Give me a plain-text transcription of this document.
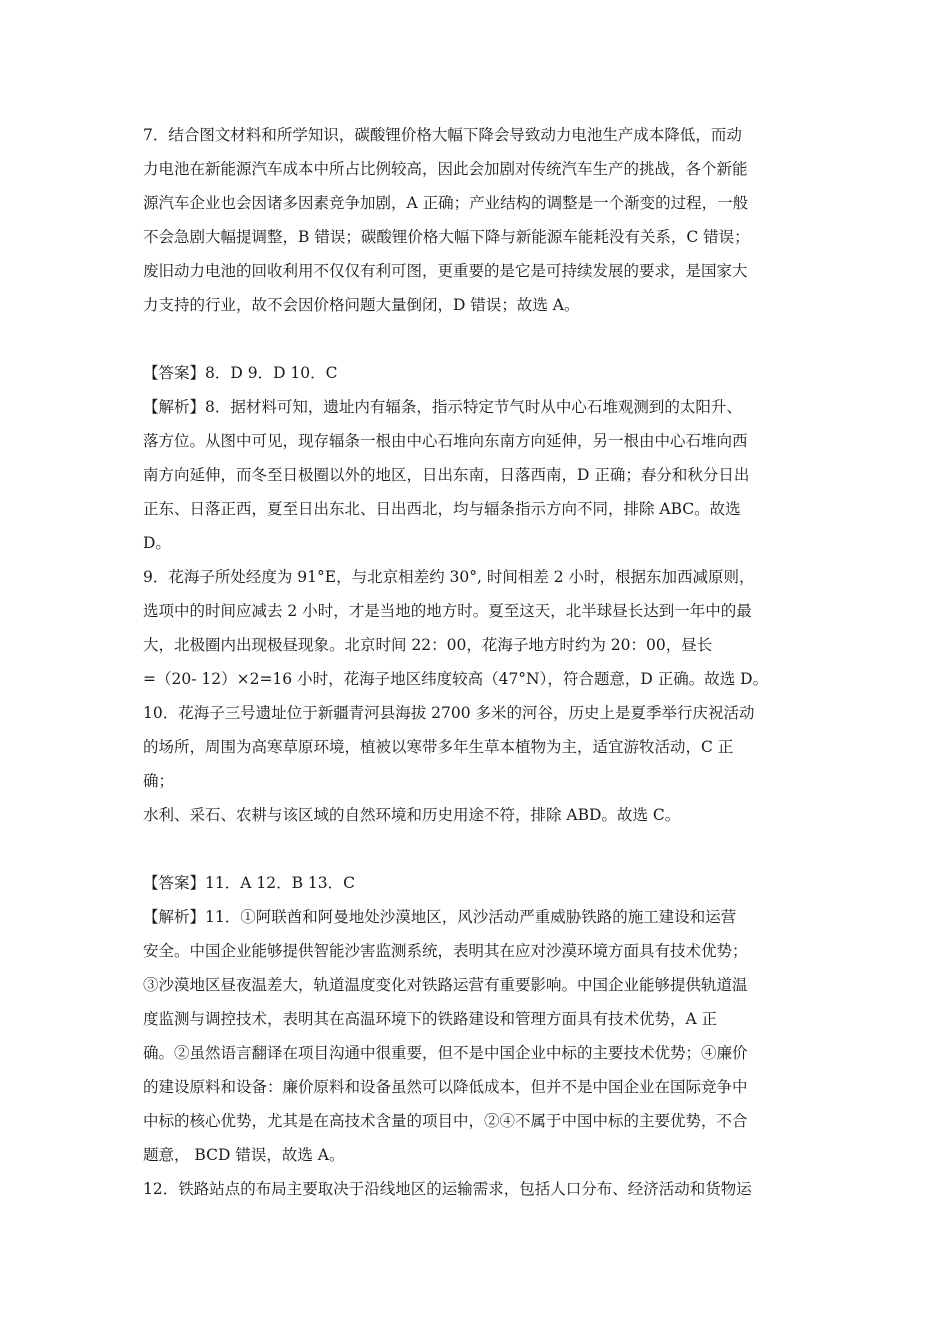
7．结合图文材料和所学知识，碳酸锂价格大幅下降会导致动力电池生产成本降低，而动
力电池在新能源汽车成本中所占比例较高，因此会加剧对传统汽车生产的挑战，各个新能
源汽车企业也会因诸多因素竞争加剧，A 正确；产业结构的调整是一个渐变的过程，一般
不会急剧大幅提调整，B 错误；碳酸锂价格大幅下降与新能源车能耗没有关系，C 错误；
废旧动力电池的回收利用不仅仅有利可图，更重要的是它是可持续发展的要求，是国家大
力支持的行业，故不会因价格问题大量倒闭，D 错误；故选 A。
【答案】8．D 9．D 10．C
【解析】8．据材料可知，遗址内有辐条，指示特定节气时从中心石堆观测到的太阳升、
落方位。从图中可见，现存辐条一根由中心石堆向东南方向延伸，另一根由中心石堆向西
南方向延伸，而冬至日极圈以外的地区，日出东南，日落西南，D 正确；春分和秋分日出
正东、日落正西，夏至日出东北、日出西北，均与辐条指示方向不同，排除 ABC。故选
D。
9．花海子所处经度为 91°E，与北京相差约 30°, 时间相差 2 小时，根据东加西减原则，
选项中的时间应减去 2 小时，才是当地的地方时。夏至这天，北半球昼长达到一年中的最
大，北极圈内出现极昼现象。北京时间 22：00，花海子地方时约为 20：00，昼长
=（20- 12）×2=16 小时，花海子地区纬度较高（47°N），符合题意，D 正确。故选 D。
10．花海子三号遗址位于新疆青河县海拔 2700 多米的河谷，历史上是夏季举行庆祝活动
的场所，周围为高寒草原环境，植被以寒带多年生草本植物为主，适宜游牧活动，C 正
确；
水利、采石、农耕与该区域的自然环境和历史用途不符，排除 ABD。故选 C。
【答案】11．A 12．B 13．C
【解析】11．①阿联酋和阿曼地处沙漠地区，风沙活动严重威胁铁路的施工建设和运营
安全。中国企业能够提供智能沙害监测系统，表明其在应对沙漠环境方面具有技术优势；
③沙漠地区昼夜温差大，轨道温度变化对铁路运营有重要影响。中国企业能够提供轨道温
度监测与调控技术，表明其在高温环境下的铁路建设和管理方面具有技术优势，A 正
确。②虽然语言翻译在项目沟通中很重要，但不是中国企业中标的主要技术优势；④廉价
的建设原料和设备：廉价原料和设备虽然可以降低成本，但并不是中国企业在国际竞争中
中标的核心优势，尤其是在高技术含量的项目中，②④不属于中国中标的主要优势，不合
题意， BCD 错误，故选 A。
12．铁路站点的布局主要取决于沿线地区的运输需求，包括人口分布、经济活动和货物运
